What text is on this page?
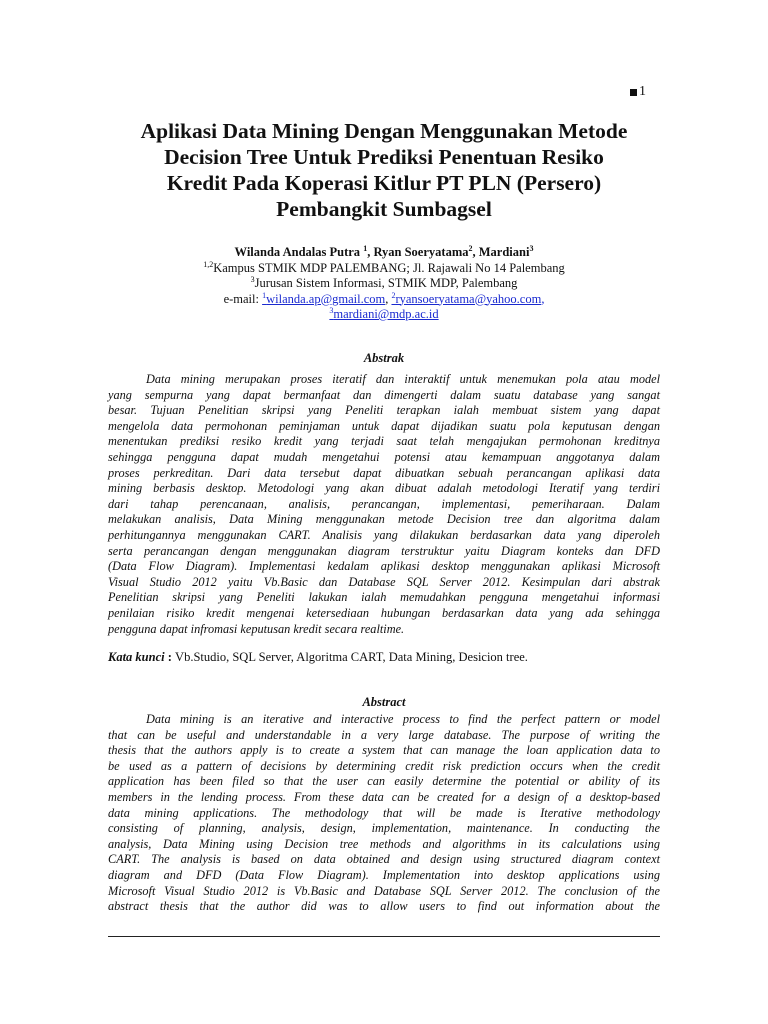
1
Aplikasi Data Mining Dengan Menggunakan Metode
Decision Tree Untuk Prediksi Penentuan Resiko
Kredit Pada Koperasi Kitlur PT PLN (Persero)
Pembangkit Sumbagsel
Wilanda Andalas Putra $^1$, Ryan Soeryatama$^2$, Mardiani$^3$
$^{1,2}$Kampus STMIK MDP PALEMBANG; Jl. Rajawali No 14 Palembang
$^3$Jurusan Sistem Informasi, STMIK MDP, Palembang
e-mail: $^1$wilanda.ap@gmail.com, $^2$ryansoeryatama@yahoo.com,
$^3$mardiani@mdp.ac.id
Abstrak
Data mining merupakan proses iteratif dan interaktif untuk menemukan pola atau model
yang sempurna yang dapat bermanfaat dan dimengerti dalam suatu database yang sangat
besar. Tujuan Penelitian skripsi yang Peneliti terapkan ialah membuat sistem yang dapat
mengelola data permohonan peminjaman untuk dapat dijadikan suatu pola keputusan dengan
menentukan prediksi resiko kredit yang terjadi saat telah mengajukan permohonan kreditnya
sehingga pengguna dapat mudah mengetahui potensi atau kemampuan anggotanya dalam
proses perkreditan. Dari data tersebut dapat dibuatkan sebuah perancangan aplikasi data
mining berbasis desktop. Metodologi yang akan dibuat adalah metodologi Iteratif yang terdiri
dari tahap perencanaan, analisis, perancangan, implementasi, pemeriharaan. Dalam
melakukan analisis, Data Mining menggunakan metode Decision tree dan algoritma dalam
perhitungannya menggunakan CART. Analisis yang dilakukan berdasarkan data yang diperoleh
serta perancangan dengan menggunakan diagram terstruktur yaitu Diagram konteks dan DFD
(Data Flow Diagram). Implementasi kedalam aplikasi desktop menggunakan aplikasi Microsoft
Visual Studio 2012 yaitu Vb.Basic dan Database SQL Server 2012. Kesimpulan dari abstrak
Penelitian skripsi yang Peneliti lakukan ialah memudahkan pengguna mengetahui informasi
penilaian risiko kredit mengenai ketersediaan hubungan berdasarkan data yang ada sehingga
pengguna dapat infromasi keputusan kredit secara realtime.
Kata kunci : Vb.Studio, SQL Server, Algoritma CART, Data Mining, Desicion tree.
Abstract
Data mining is an iterative and interactive process to find the perfect pattern or model
that can be useful and understandable in a very large database. The purpose of writing the
thesis that the authors apply is to create a system that can manage the loan application data to
be used as a pattern of decisions by determining credit risk prediction occurs when the credit
application has been filed so that the user can easily determine the potential or ability of its
members in the lending process. From these data can be created for a design of a desktop-based
data mining applications. The methodology that will be made is Iterative methodology
consisting of planning, analysis, design, implementation, maintenance. In conducting the
analysis, Data Mining using Decision tree methods and algorithms in its calculations using
CART. The analysis is based on data obtained and design using structured diagram context
diagram and DFD (Data Flow Diagram). Implementation into desktop applications using
Microsoft Visual Studio 2012 is Vb.Basic and Database SQL Server 2012. The conclusion of the
abstract thesis that the author did was to allow users to find out information about the
